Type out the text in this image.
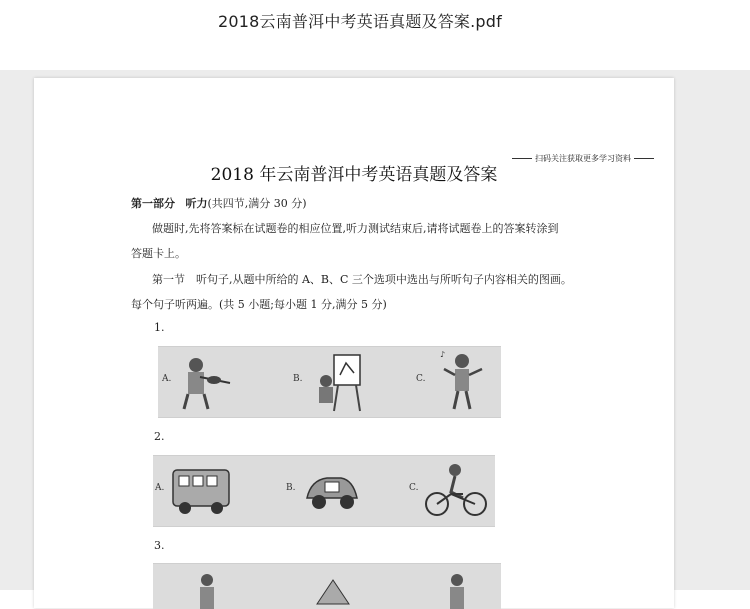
2018云南普洱中考英语真题及答案.pdf
扫码关注获取更多学习资料
2018 年云南普洱中考英语真题及答案
第一部分 听力(共四节,满分 30 分)
做题时,先将答案标在试题卷的相应位置,听力测试结束后,请将试题卷上的答案转涂到
答题卡上。
第一节　听句子,从题中所给的 A、B、C 三个选项中选出与所听句子内容相关的图画。
每个句子听两遍。(共 5 小题;每小题 1 分,满分 5 分)
1.
A.	B.	C.
♪
2.
A.	B.	C.
3.
